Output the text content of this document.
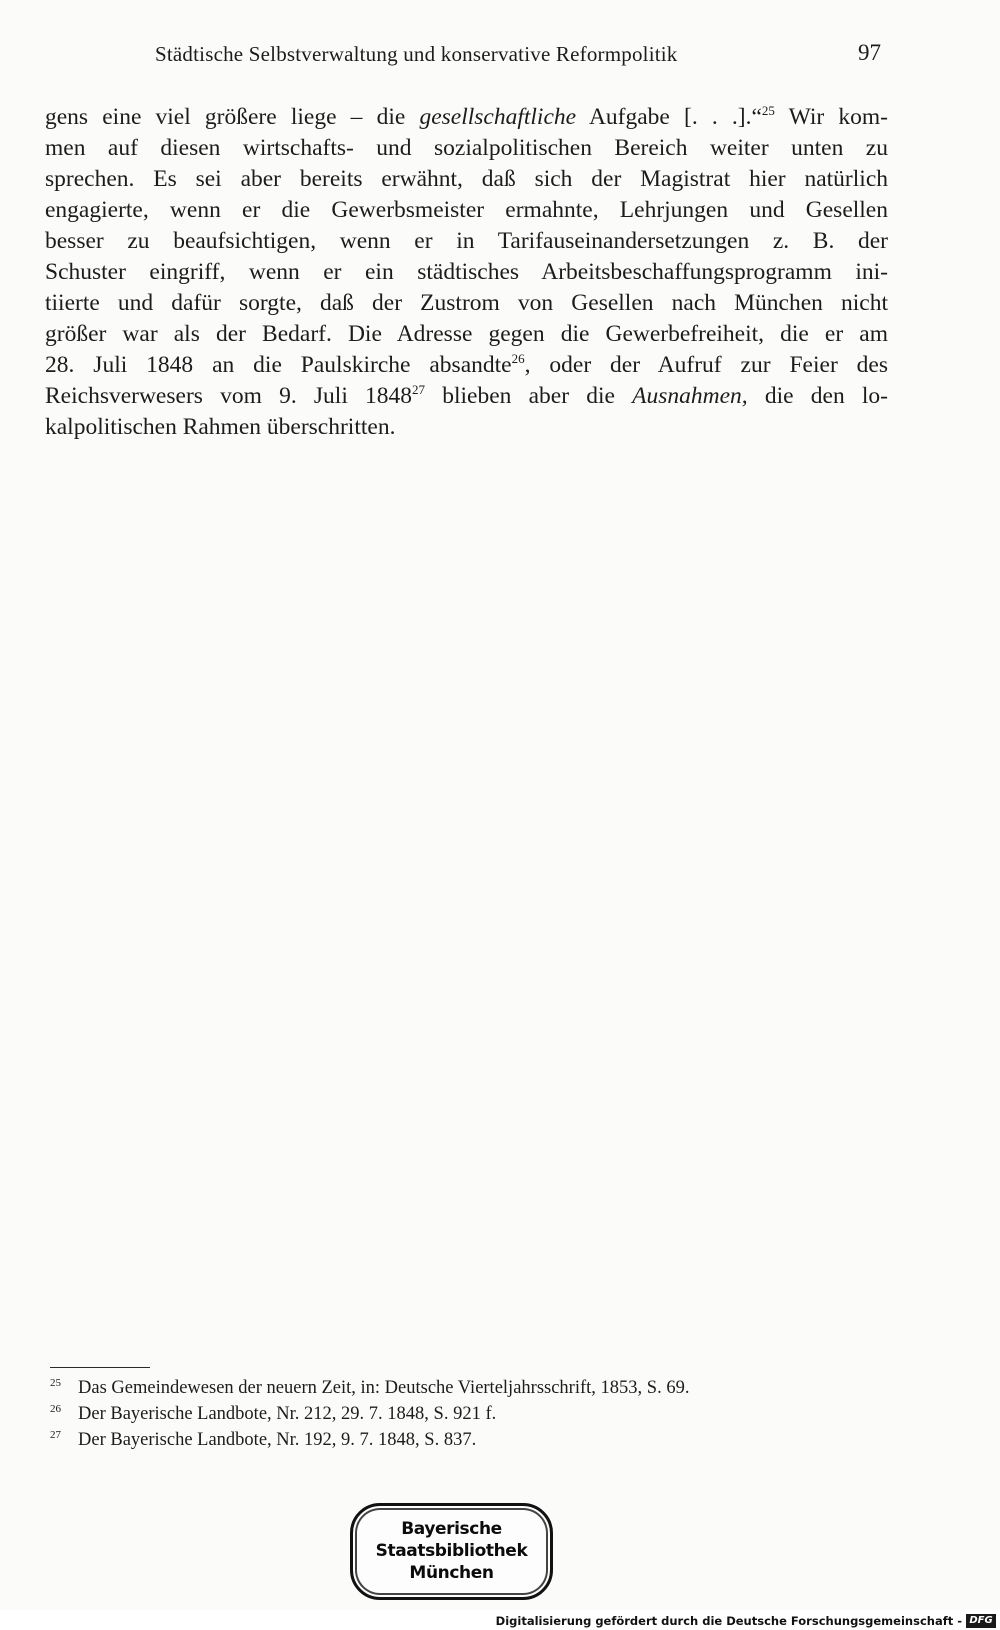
Städtische Selbstverwaltung und konservative Reformpolitik	97
gens eine viel größere liege – die gesellschaftliche Aufgabe [. . .].“$^{25}$ Wir kom-
men auf diesen wirtschafts- und sozialpolitischen Bereich weiter unten zu
sprechen. Es sei aber bereits erwähnt, daß sich der Magistrat hier natürlich
engagierte, wenn er die Gewerbsmeister ermahnte, Lehrjungen und Gesellen
besser zu beaufsichtigen, wenn er in Tarifauseinandersetzungen z. B. der
Schuster eingriff, wenn er ein städtisches Arbeitsbeschaffungsprogramm ini-
tiierte und dafür sorgte, daß der Zustrom von Gesellen nach München nicht
größer war als der Bedarf. Die Adresse gegen die Gewerbefreiheit, die er am
28. Juli 1848 an die Paulskirche absandte$^{26}$, oder der Aufruf zur Feier des
Reichsverwesers vom 9. Juli 1848$^{27}$ blieben aber die Ausnahmen, die den lo-
kalpolitischen Rahmen überschritten.
25 Das Gemeindewesen der neuern Zeit, in: Deutsche Vierteljahrsschrift, 1853, S. 69.
26 Der Bayerische Landbote, Nr. 212, 29. 7. 1848, S. 921 f.
27 Der Bayerische Landbote, Nr. 192, 9. 7. 1848, S. 837.
Bayerische
Staatsbibliothek
München
Digitalisierung gefördert durch die Deutsche Forschungsgemeinschaft - DFG
